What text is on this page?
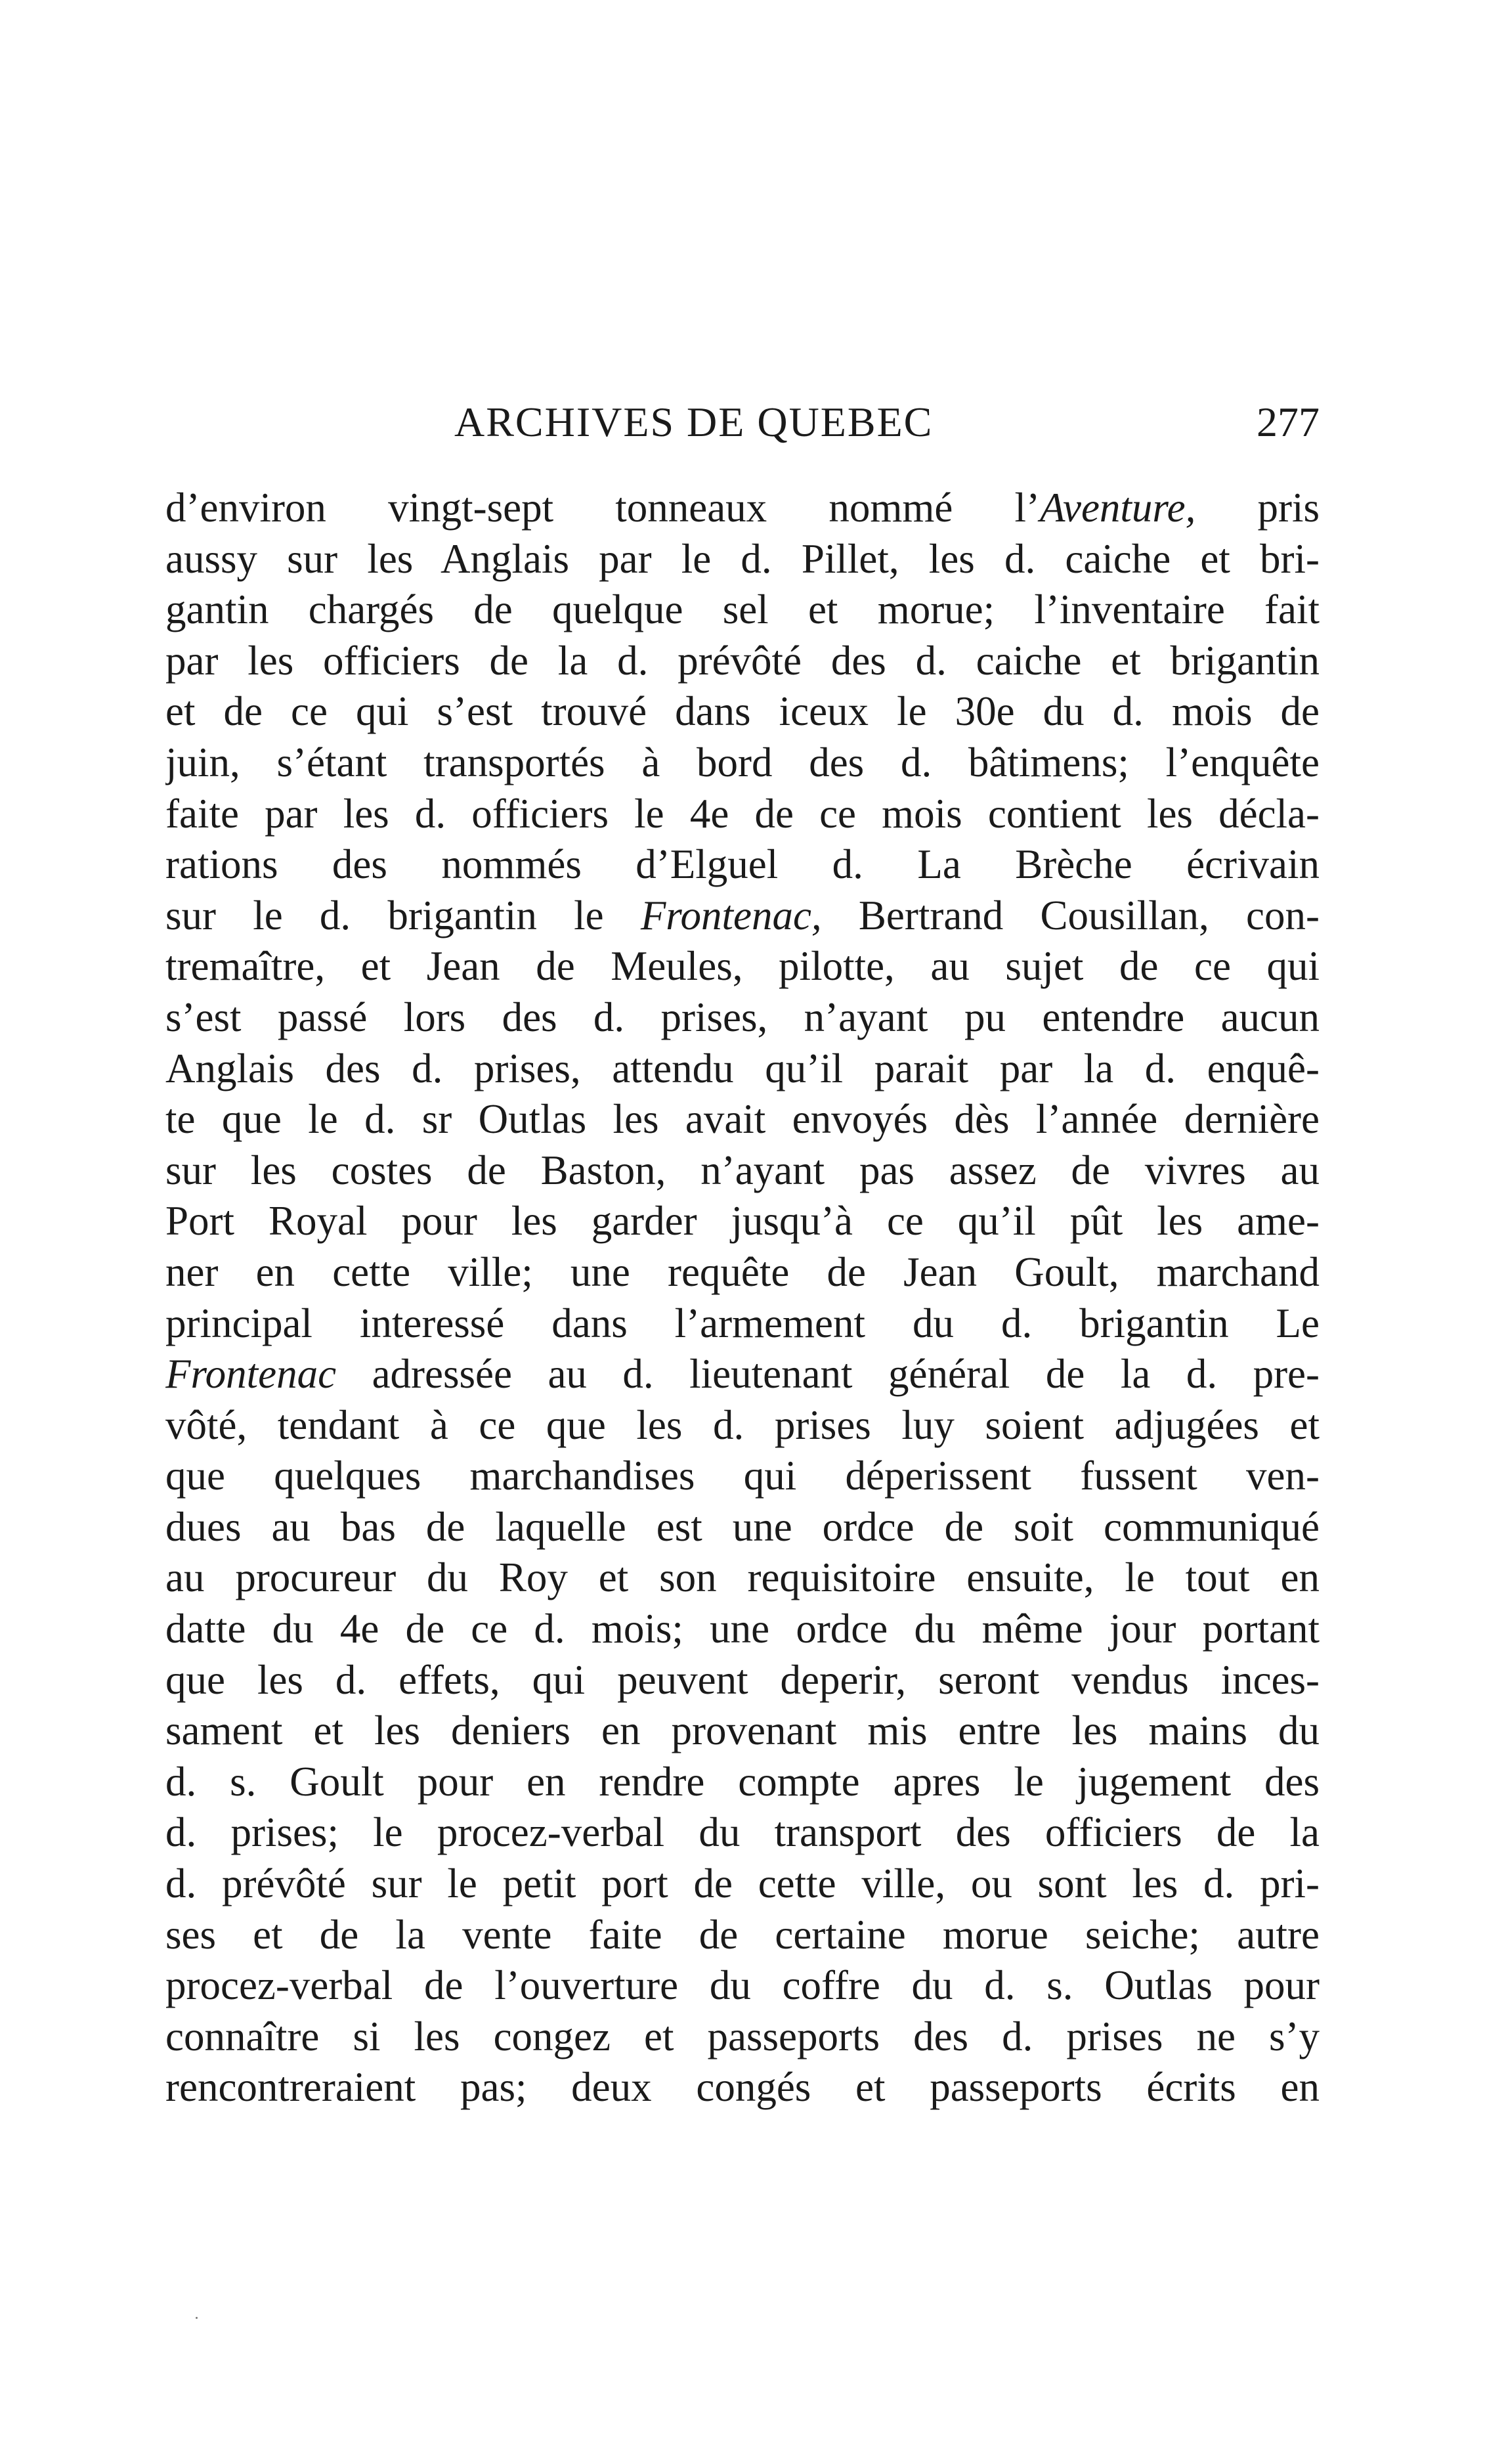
ARCHIVES DE QUEBEC	277
d’environ vingt-sept tonneaux nommé l’Aventure, pris
aussy sur les Anglais par le d. Pillet, les d. caiche et bri-
gantin chargés de quelque sel et morue; l’inventaire fait
par les officiers de la d. prévôté des d. caiche et brigantin
et de ce qui s’est trouvé dans iceux le 30e du d. mois de
juin, s’étant transportés à bord des d. bâtimens; l’enquête
faite par les d. officiers le 4e de ce mois contient les décla-
rations des nommés d’Elguel d. La Brèche écrivain
sur le d. brigantin le Frontenac, Bertrand Cousillan, con-
tremaître, et Jean de Meules, pilotte, au sujet de ce qui
s’est passé lors des d. prises, n’ayant pu entendre aucun
Anglais des d. prises, attendu qu’il parait par la d. enquê-
te que le d. sr Outlas les avait envoyés dès l’année dernière
sur les costes de Baston, n’ayant pas assez de vivres au
Port Royal pour les garder jusqu’à ce qu’il pût les ame-
ner en cette ville; une requête de Jean Goult, marchand
principal interessé dans l’armement du d. brigantin Le
Frontenac adressée au d. lieutenant général de la d. pre-
vôté, tendant à ce que les d. prises luy soient adjugées et
que quelques marchandises qui déperissent fussent ven-
dues au bas de laquelle est une ordce de soit communiqué
au procureur du Roy et son requisitoire ensuite, le tout en
datte du 4e de ce d. mois; une ordce du même jour portant
que les d. effets, qui peuvent deperir, seront vendus inces-
sament et les deniers en provenant mis entre les mains du
d. s. Goult pour en rendre compte apres le jugement des
d. prises; le procez-verbal du transport des officiers de la
d. prévôté sur le petit port de cette ville, ou sont les d. pri-
ses et de la vente faite de certaine morue seiche; autre
procez-verbal de l’ouverture du coffre du d. s. Outlas pour
connaître si les congez et passeports des d. prises ne s’y
rencontreraient pas; deux congés et passeports écrits en
